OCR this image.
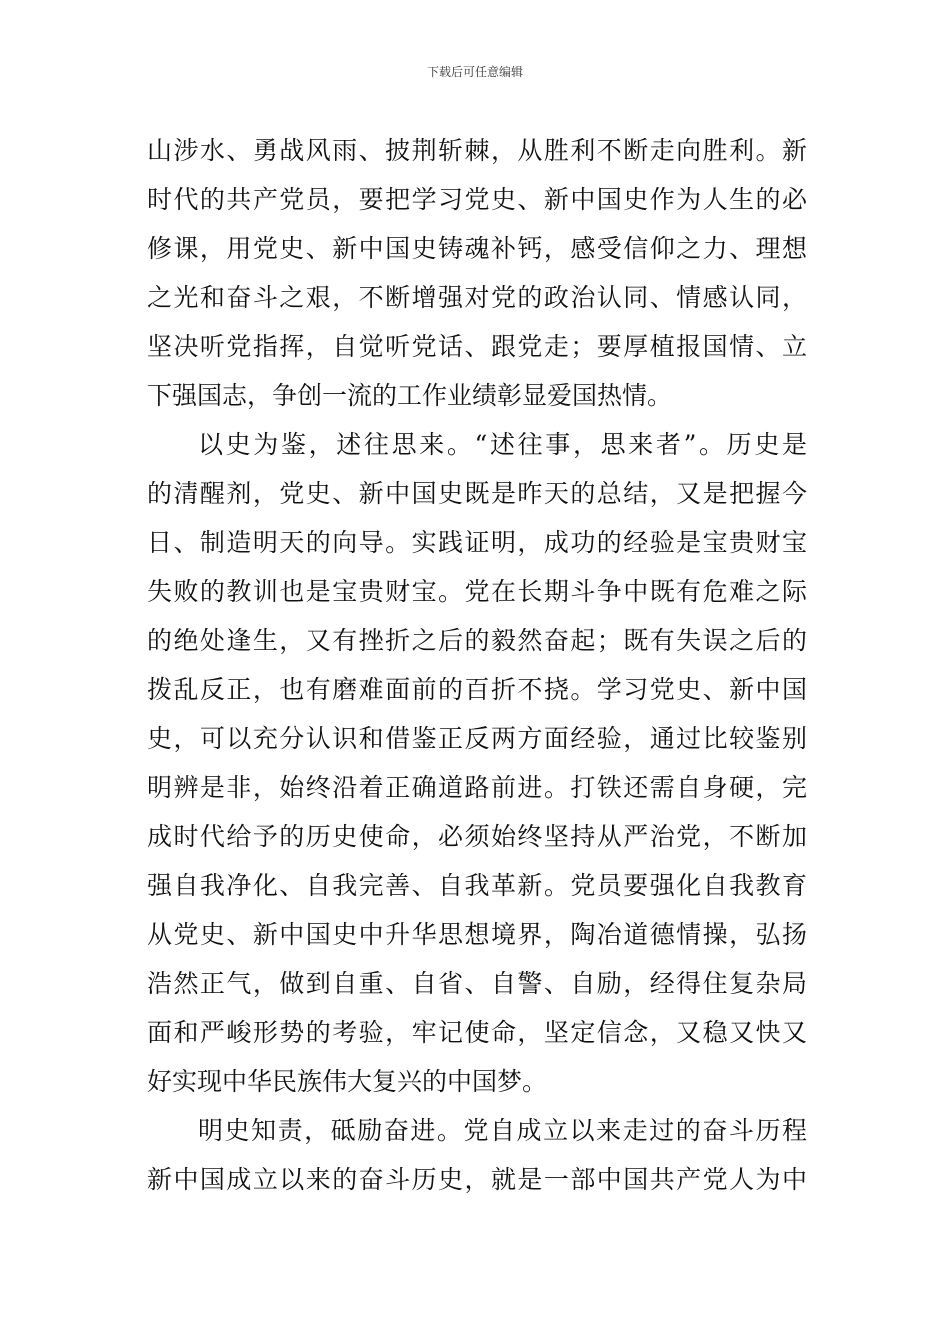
下载后可任意编辑
山涉水、勇战风雨、披荆斩棘，从胜利不断走向胜利。新
时代的共产党员，要把学习党史、新中国史作为人生的必
修课，用党史、新中国史铸魂补钙，感受信仰之力、理想
之光和奋斗之艰，不断增强对党的政治认同、情感认同，
坚决听党指挥，自觉听党话、跟党走；要厚植报国情、立
下强国志，争创一流的工作业绩彰显爱国热情。
以史为鉴，述往思来。“述往事，思来者”。历史是
的清醒剂，党史、新中国史既是昨天的总结，又是把握今
日、制造明天的向导。实践证明，成功的经验是宝贵财宝
失败的教训也是宝贵财宝。党在长期斗争中既有危难之际
的绝处逢生，又有挫折之后的毅然奋起；既有失误之后的
拨乱反正，也有磨难面前的百折不挠。学习党史、新中国
史，可以充分认识和借鉴正反两方面经验，通过比较鉴别
明辨是非，始终沿着正确道路前进。打铁还需自身硬，完
成时代给予的历史使命，必须始终坚持从严治党，不断加
强自我净化、自我完善、自我革新。党员要强化自我教育
从党史、新中国史中升华思想境界，陶冶道德情操，弘扬
浩然正气，做到自重、自省、自警、自励，经得住复杂局
面和严峻形势的考验，牢记使命，坚定信念，又稳又快又
好实现中华民族伟大复兴的中国梦。
明史知责，砥励奋进。党自成立以来走过的奋斗历程
新中国成立以来的奋斗历史，就是一部中国共产党人为中
